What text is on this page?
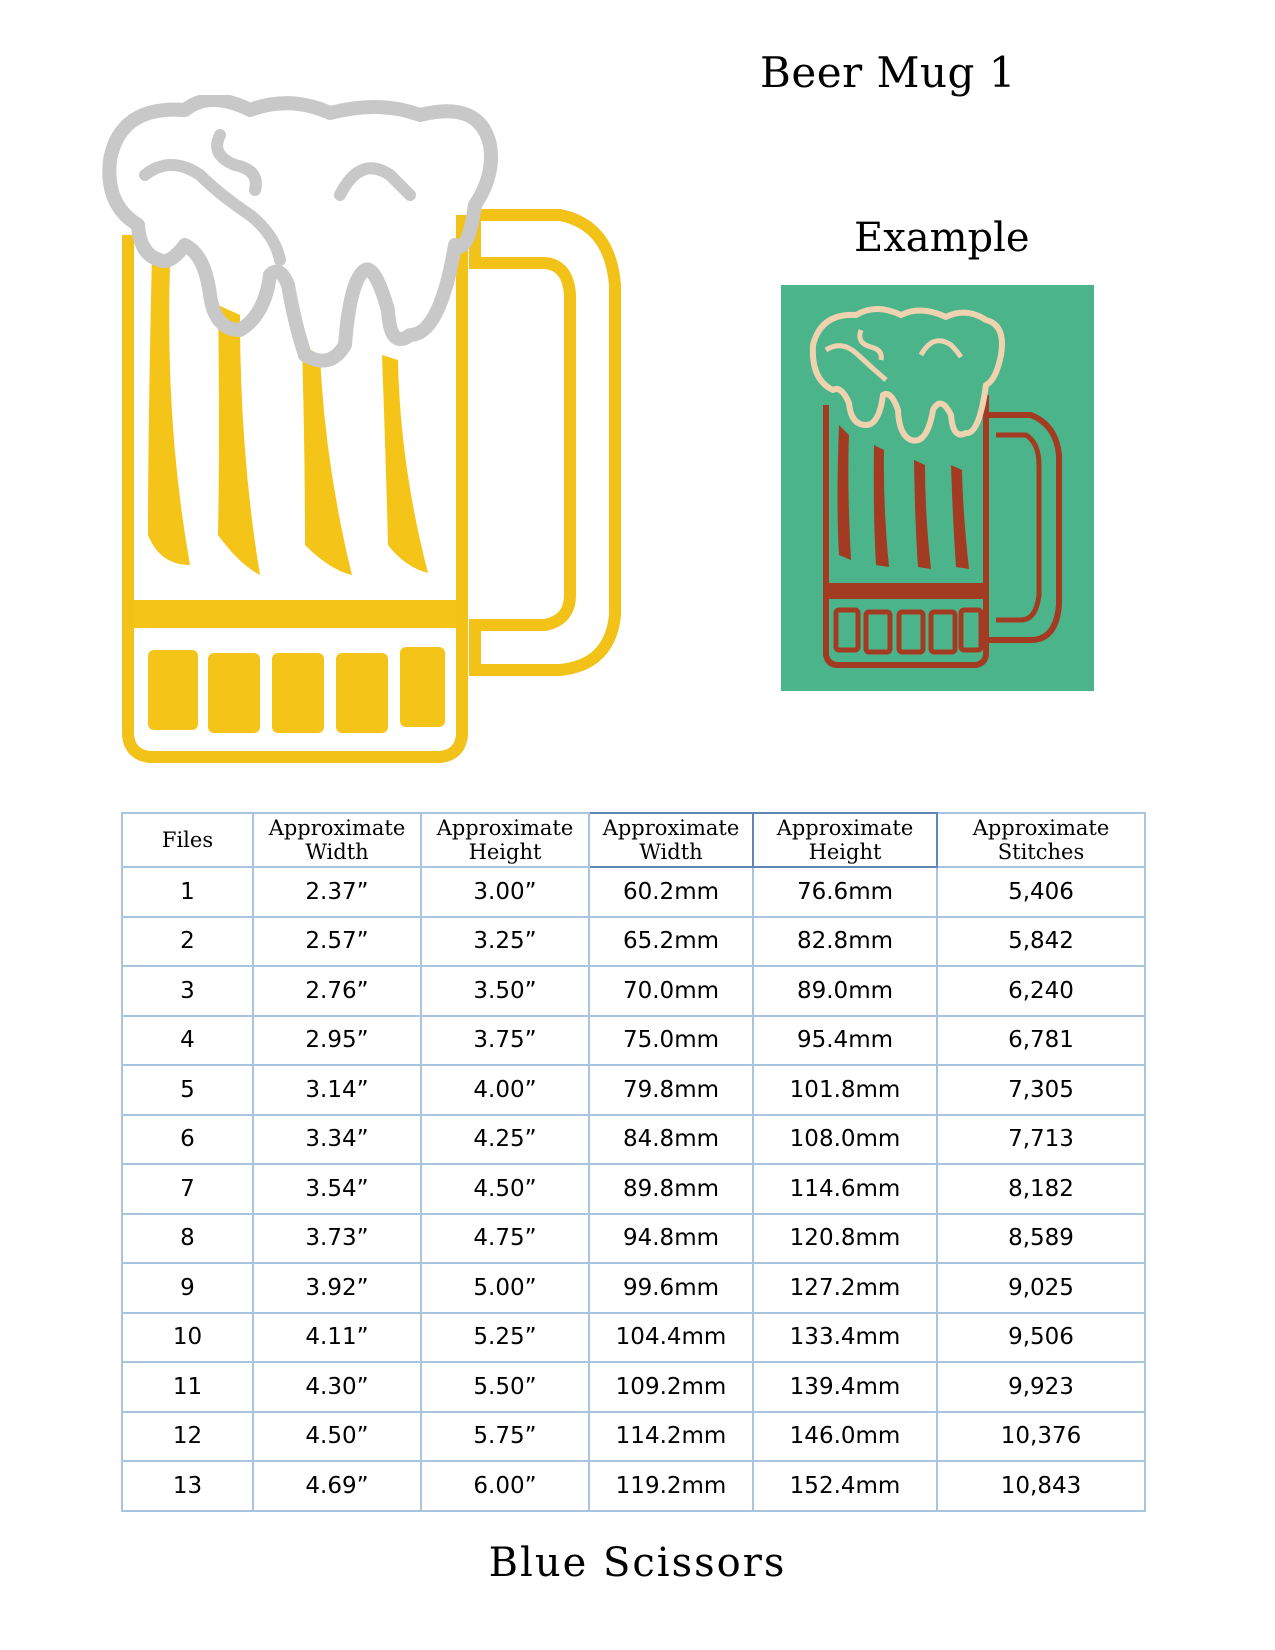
Beer Mug 1
Example
Files	Approximate Width	Approximate Height	Approximate Width	Approximate Height	Approximate Stitches
1	2.37”	3.00”	60.2mm	76.6mm	5,406
2	2.57”	3.25”	65.2mm	82.8mm	5,842
3	2.76”	3.50”	70.0mm	89.0mm	6,240
4	2.95”	3.75”	75.0mm	95.4mm	6,781
5	3.14”	4.00”	79.8mm	101.8mm	7,305
6	3.34”	4.25”	84.8mm	108.0mm	7,713
7	3.54”	4.50”	89.8mm	114.6mm	8,182
8	3.73”	4.75”	94.8mm	120.8mm	8,589
9	3.92”	5.00”	99.6mm	127.2mm	9,025
10	4.11”	5.25”	104.4mm	133.4mm	9,506
11	4.30”	5.50”	109.2mm	139.4mm	9,923
12	4.50”	5.75”	114.2mm	146.0mm	10,376
13	4.69”	6.00”	119.2mm	152.4mm	10,843
Blue Scissors
